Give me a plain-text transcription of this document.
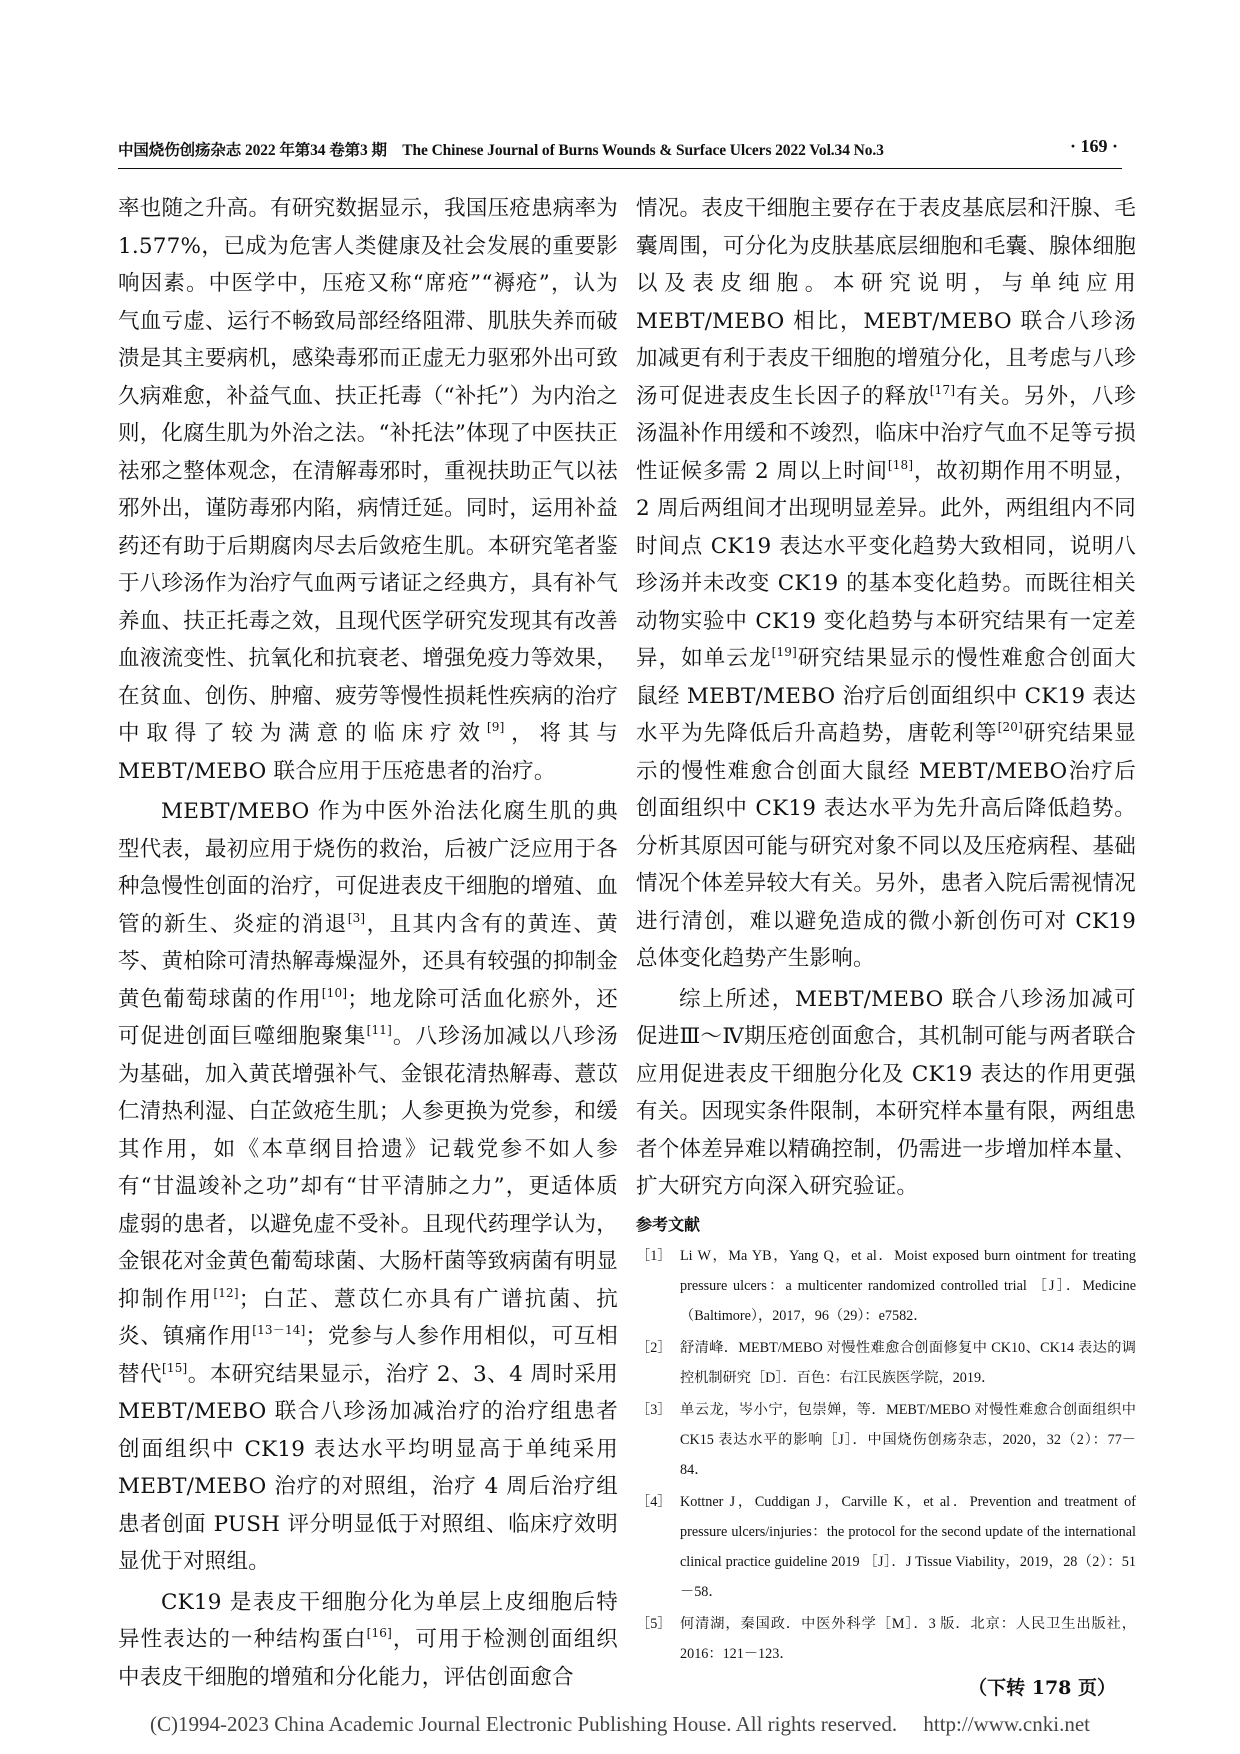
中国烧伤创疡杂志 2022 年第34 卷第3 期　The Chinese Journal of Burns Wounds & Surface Ulcers 2022 Vol.34 No.3	· 169 ·

率也随之升高。有研究数据显示，我国压疮患病率为 1.577%，已成为危害人类健康及社会发展的重要影响因素。中医学中，压疮又称“席疮”“褥疮”，认为气血亏虚、运行不畅致局部经络阻滞、肌肤失养而破溃是其主要病机，感染毒邪而正虚无力驱邪外出可致久病难愈，补益气血、扶正托毒（“补托”）为内治之则，化腐生肌为外治之法。“补托法”体现了中医扶正祛邪之整体观念，在清解毒邪时，重视扶助正气以祛邪外出，谨防毒邪内陷，病情迁延。同时，运用补益药还有助于后期腐肉尽去后敛疮生肌。本研究笔者鉴于八珍汤作为治疗气血两亏诸证之经典方，具有补气养血、扶正托毒之效，且现代医学研究发现其有改善血液流变性、抗氧化和抗衰老、增强免疫力等效果，在贫血、创伤、肿瘤、疲劳等慢性损耗性疾病的治疗中取得了较为满意的临床疗效[9]，将其与 MEBT/MEBO 联合应用于压疮患者的治疗。

MEBT/MEBO 作为中医外治法化腐生肌的典型代表，最初应用于烧伤的救治，后被广泛应用于各种急慢性创面的治疗，可促进表皮干细胞的增殖、血管的新生、炎症的消退[3]，且其内含有的黄连、黄芩、黄柏除可清热解毒燥湿外，还具有较强的抑制金黄色葡萄球菌的作用[10]；地龙除可活血化瘀外，还可促进创面巨噬细胞聚集[11]。八珍汤加减以八珍汤为基础，加入黄芪增强补气、金银花清热解毒、薏苡仁清热利湿、白芷敛疮生肌；人参更换为党参，和缓其作用，如《本草纲目拾遗》记载党参不如人参有“甘温竣补之功”却有“甘平清肺之力”，更适体质虚弱的患者，以避免虚不受补。且现代药理学认为，金银花对金黄色葡萄球菌、大肠杆菌等致病菌有明显抑制作用[12]；白芷、薏苡仁亦具有广谱抗菌、抗炎、镇痛作用[13－14]；党参与人参作用相似，可互相替代[15]。本研究结果显示，治疗 2、3、4 周时采用 MEBT/MEBO 联合八珍汤加减治疗的治疗组患者创面组织中 CK19 表达水平均明显高于单纯采用 MEBT/MEBO 治疗的对照组，治疗 4 周后治疗组患者创面 PUSH 评分明显低于对照组、临床疗效明显优于对照组。

CK19 是表皮干细胞分化为单层上皮细胞后特异性表达的一种结构蛋白[16]，可用于检测创面组织中表皮干细胞的增殖和分化能力，评估创面愈合

情况。表皮干细胞主要存在于表皮基底层和汗腺、毛囊周围，可分化为皮肤基底层细胞和毛囊、腺体细胞以及表皮细胞。本研究说明，与单纯应用 MEBT/MEBO 相比，MEBT/MEBO 联合八珍汤加减更有利于表皮干细胞的增殖分化，且考虑与八珍汤可促进表皮生长因子的释放[17]有关。另外，八珍汤温补作用缓和不竣烈，临床中治疗气血不足等亏损性证候多需 2 周以上时间[18]，故初期作用不明显，2 周后两组间才出现明显差异。此外，两组组内不同时间点 CK19 表达水平变化趋势大致相同，说明八珍汤并未改变 CK19 的基本变化趋势。而既往相关动物实验中 CK19 变化趋势与本研究结果有一定差异，如单云龙[19]研究结果显示的慢性难愈合创面大鼠经 MEBT/MEBO 治疗后创面组织中 CK19 表达水平为先降低后升高趋势，唐乾利等[20]研究结果显示的慢性难愈合创面大鼠经 MEBT/MEBO治疗后创面组织中 CK19 表达水平为先升高后降低趋势。分析其原因可能与研究对象不同以及压疮病程、基础情况个体差异较大有关。另外，患者入院后需视情况进行清创，难以避免造成的微小新创伤可对 CK19 总体变化趋势产生影响。

综上所述，MEBT/MEBO 联合八珍汤加减可促进Ⅲ～Ⅳ期压疮创面愈合，其机制可能与两者联合应用促进表皮干细胞分化及 CK19 表达的作用更强有关。因现实条件限制，本研究样本量有限，两组患者个体差异难以精确控制，仍需进一步增加样本量、扩大研究方向深入研究验证。

参考文献
［1］ Li W，Ma YB，Yang Q，et al．Moist exposed burn ointment for treating pressure ulcers：a multicenter randomized controlled trial ［J］．Medicine（Baltimore），2017，96（29）：e7582．
［2］ 舒清峰．MEBT/MEBO 对慢性难愈合创面修复中 CK10、CK14 表达的调控机制研究［D］．百色：右江民族医学院，2019．
［3］ 单云龙，岑小宁，包崇婵，等．MEBT/MEBO 对慢性难愈合创面组织中 CK15 表达水平的影响［J］．中国烧伤创疡杂志，2020，32（2）：77－84．
［4］ Kottner J，Cuddigan J，Carville K，et al．Prevention and treatment of pressure ulcers/injuries：the protocol for the second update of the international clinical practice guideline 2019 ［J］．J Tissue Viability，2019，28（2）：51－58．
［5］ 何清湖，秦国政．中医外科学［M］．3 版．北京：人民卫生出版社，2016：121－123．
（下转 178 页）
(C)1994-2023 China Academic Journal Electronic Publishing House. All rights reserved.　 http://www.cnki.net
